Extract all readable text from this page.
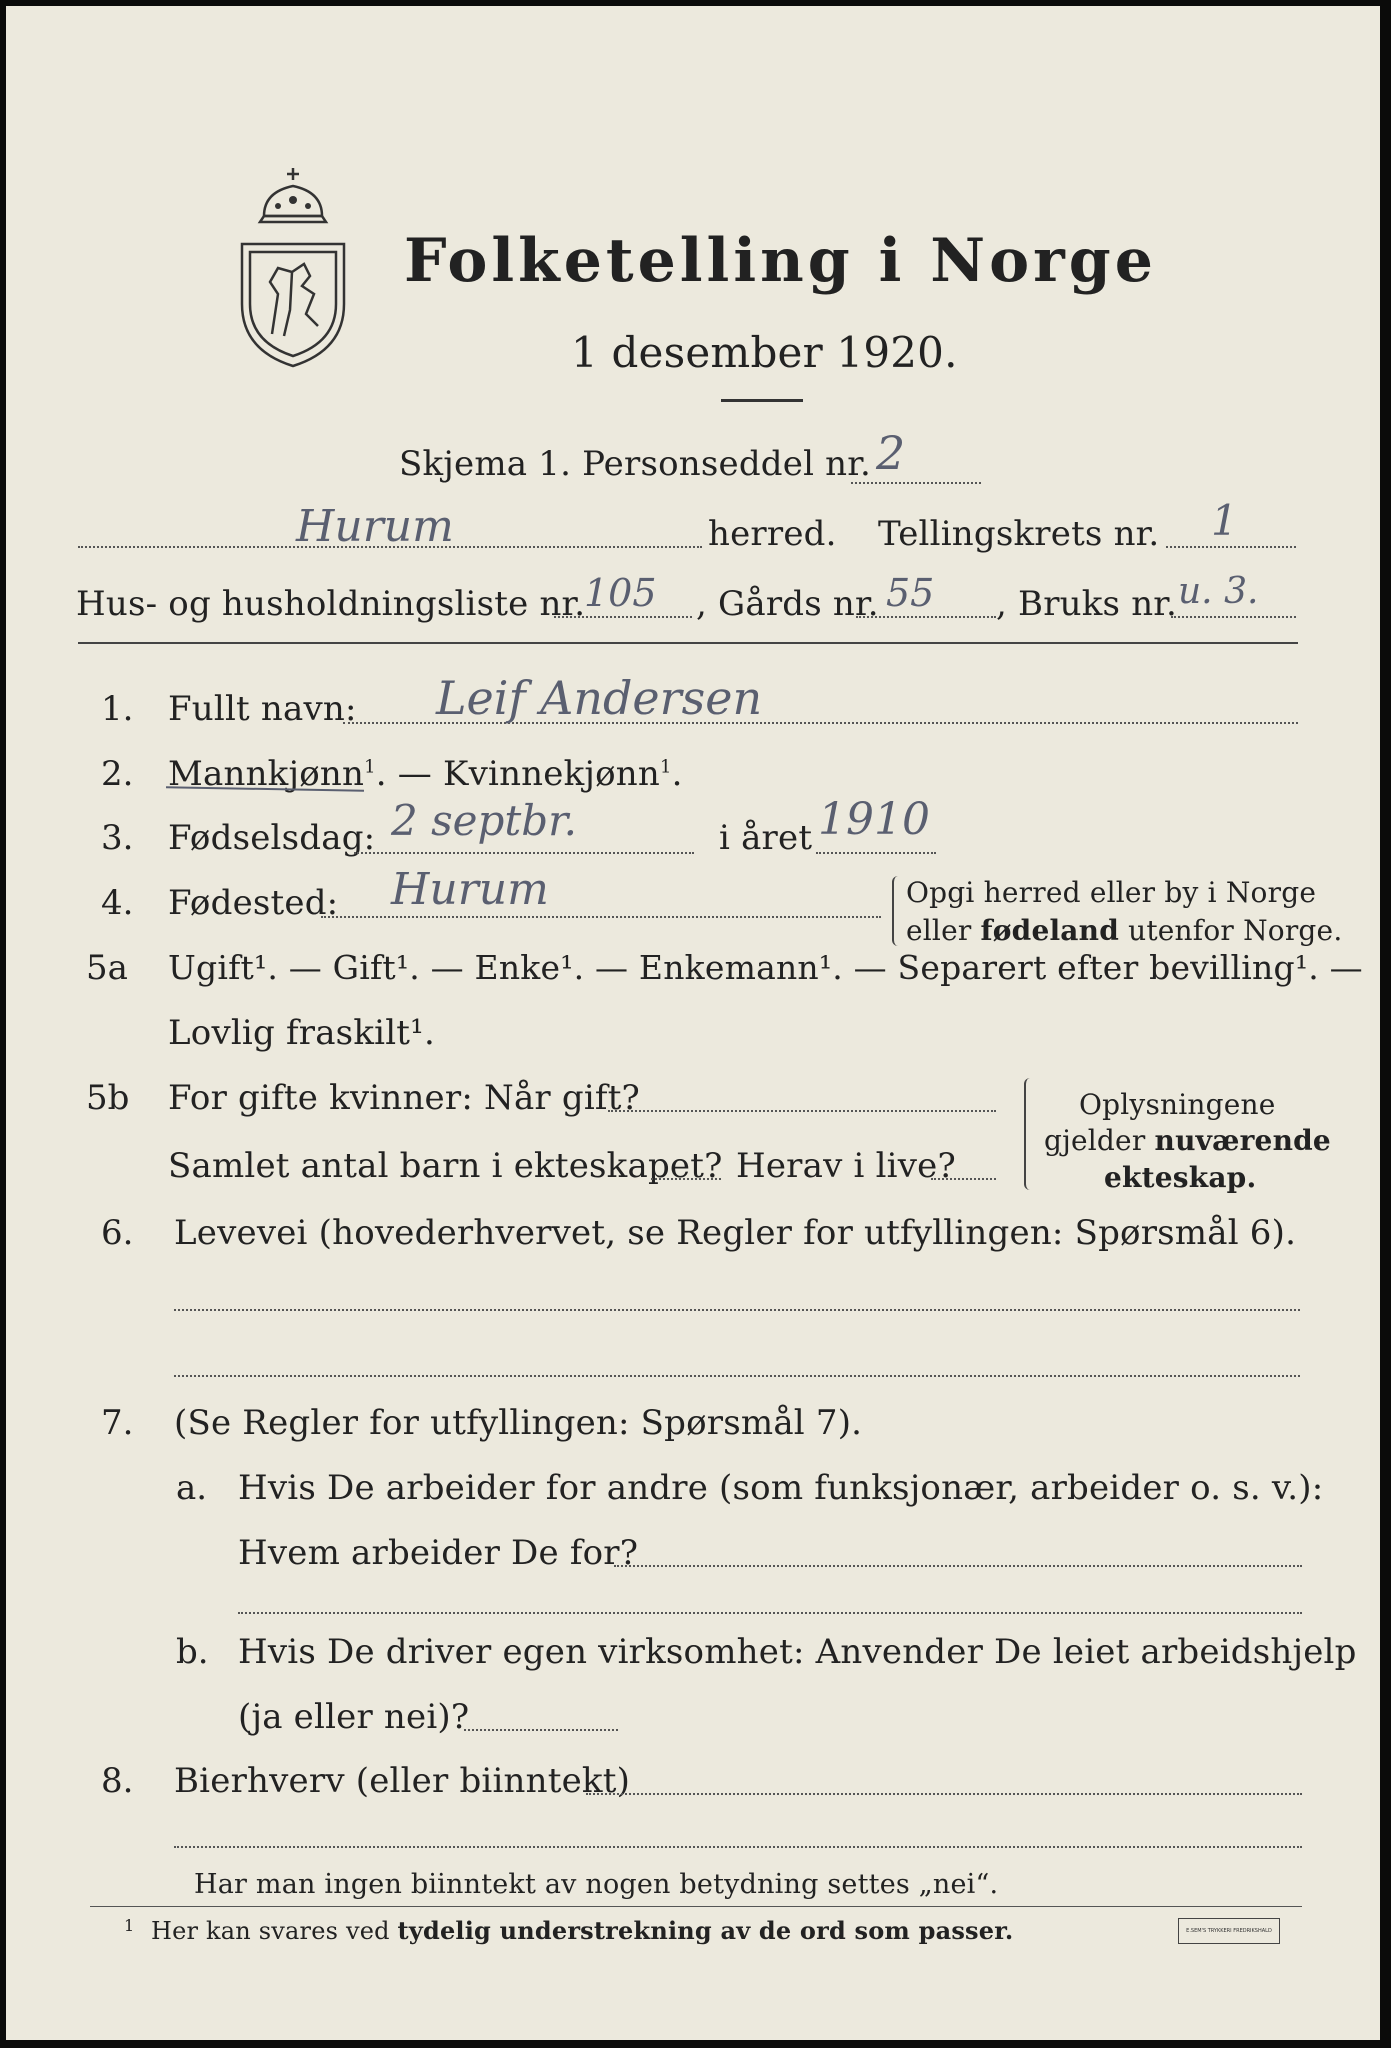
Folketelling i Norge
1 desember 1920.
Skjema 1. Personseddel nr. 2
Hurum	herred. Tellingskrets nr. 1
Hus- og husholdningsliste nr.
105 , Gårds nr. 55 , Bruks nr. u. 3.
1. Fullt navn: Leif Andersen
2. Mannkjønn
$^1$. — Kvinnekjønn$^1$.
3. Fødselsdag: 2 septbr.	i året 1910
4. Fødested: Hurum	Opgi herred eller by i Norge
eller fødeland utenfor Norge.
5a Ugift¹. — Gift¹. — Enke¹. — Enkemann¹. — Separert efter bevilling¹. —
Lovlig fraskilt¹.
5b For gifte kvinner: Når gift?
Samlet antal barn i ekteskapet? Herav i live?
Oplysningene
gjelder nuværende
ekteskap.
6. Levevei (hovederhvervet, se Regler for utfyllingen: Spørsmål 6).
7. (Se Regler for utfyllingen: Spørsmål 7).
a. Hvis De arbeider for andre (som funksjonær, arbeider o. s. v.):
Hvem arbeider De for?
b. Hvis De driver egen virksomhet: Anvender De leiet arbeidshjelp
(ja eller nei)?
8. Bierhverv (eller biinntekt)
Har man ingen biinntekt av nogen betydning settes „nei“.
1 Her kan svares ved tydelig understrekning av de ord som passer.	E.SEM'S TRYKKERI FREDRIKSHALD
